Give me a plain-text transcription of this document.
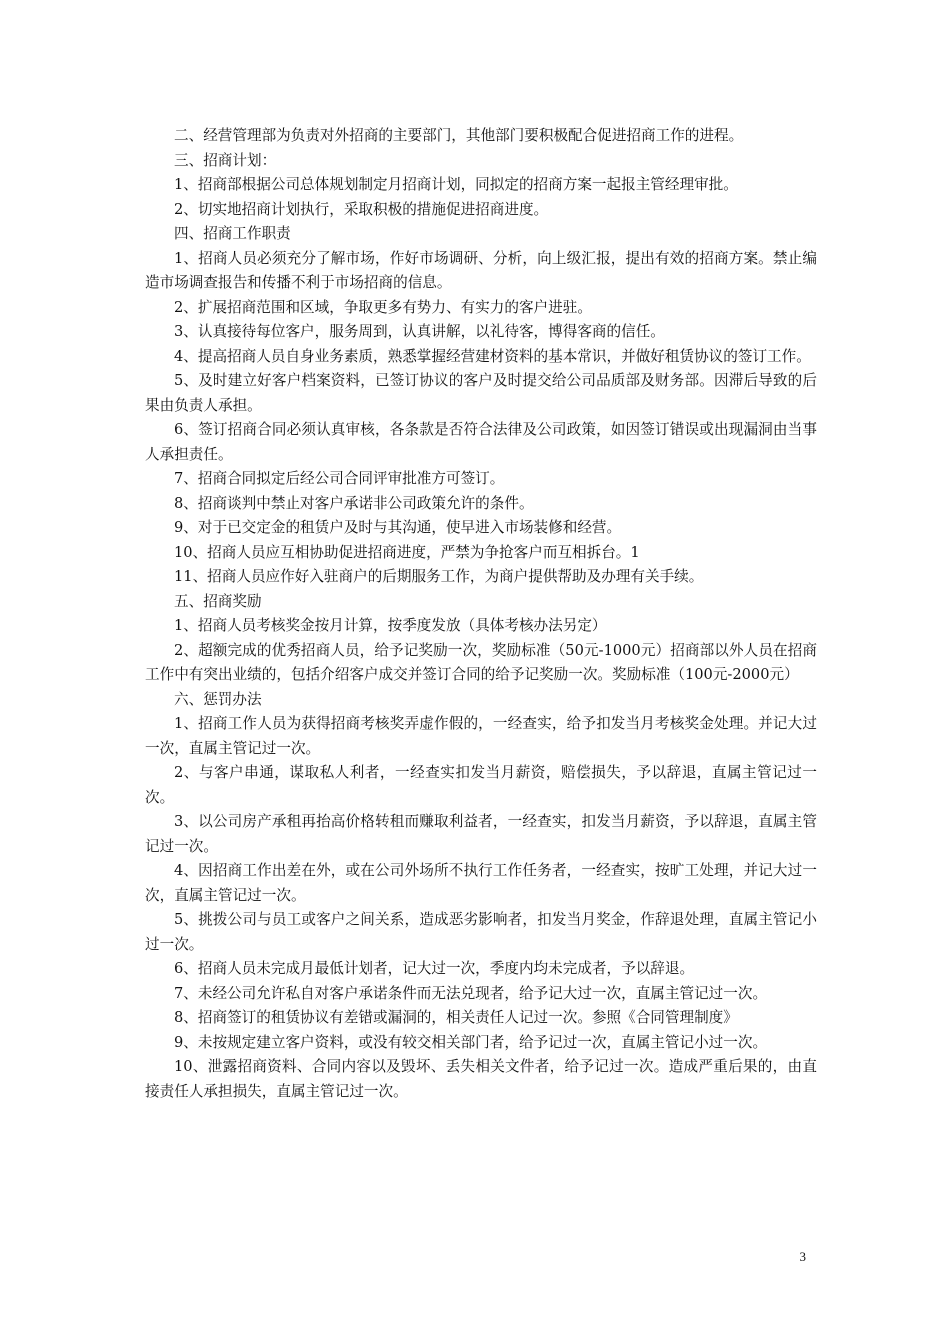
二、经营管理部为负责对外招商的主要部门，其他部门要积极配合促进招商工作的进程。

三、招商计划：

1、招商部根据公司总体规划制定月招商计划，同拟定的招商方案一起报主管经理审批。

2、切实地招商计划执行，采取积极的措施促进招商进度。

四、招商工作职责

1、招商人员必须充分了解市场，作好市场调研、分析，向上级汇报，提出有效的招商方案。禁止编造市场调查报告和传播不利于市场招商的信息。

2、扩展招商范围和区域，争取更多有势力、有实力的客户进驻。

3、认真接待每位客户，服务周到，认真讲解，以礼待客，博得客商的信任。

4、提高招商人员自身业务素质，熟悉掌握经营建材资料的基本常识，并做好租赁协议的签订工作。

5、及时建立好客户档案资料，已签订协议的客户及时提交给公司品质部及财务部。因滞后导致的后果由负责人承担。

6、签订招商合同必须认真审核，各条款是否符合法律及公司政策，如因签订错误或出现漏洞由当事人承担责任。

7、招商合同拟定后经公司合同评审批准方可签订。

8、招商谈判中禁止对客户承诺非公司政策允许的条件。

9、对于已交定金的租赁户及时与其沟通，使早进入市场装修和经营。

10、招商人员应互相协助促进招商进度，严禁为争抢客户而互相拆台。1

11、招商人员应作好入驻商户的后期服务工作，为商户提供帮助及办理有关手续。

五、招商奖励

1、招商人员考核奖金按月计算，按季度发放（具体考核办法另定）

2、超额完成的优秀招商人员，给予记奖励一次，奖励标准（50元-1000元）招商部以外人员在招商工作中有突出业绩的，包括介绍客户成交并签订合同的给予记奖励一次。奖励标准（100元-2000元）

六、惩罚办法

1、招商工作人员为获得招商考核奖弄虚作假的，一经查实，给予扣发当月考核奖金处理。并记大过一次，直属主管记过一次。

2、与客户串通，谋取私人利者，一经查实扣发当月薪资，赔偿损失，予以辞退，直属主管记过一次。

3、以公司房产承租再抬高价格转租而赚取利益者，一经查实，扣发当月薪资，予以辞退，直属主管记过一次。

4、因招商工作出差在外，或在公司外场所不执行工作任务者，一经查实，按旷工处理，并记大过一次，直属主管记过一次。

5、挑拨公司与员工或客户之间关系，造成恶劣影响者，扣发当月奖金，作辞退处理，直属主管记小过一次。

6、招商人员未完成月最低计划者，记大过一次，季度内均未完成者，予以辞退。

7、未经公司允许私自对客户承诺条件而无法兑现者，给予记大过一次，直属主管记过一次。

8、招商签订的租赁协议有差错或漏洞的，相关责任人记过一次。参照《合同管理制度》

9、未按规定建立客户资料，或没有较交相关部门者，给予记过一次，直属主管记小过一次。

10、泄露招商资料、合同内容以及毁坏、丢失相关文件者，给予记过一次。造成严重后果的，由直接责任人承担损失，直属主管记过一次。

3
